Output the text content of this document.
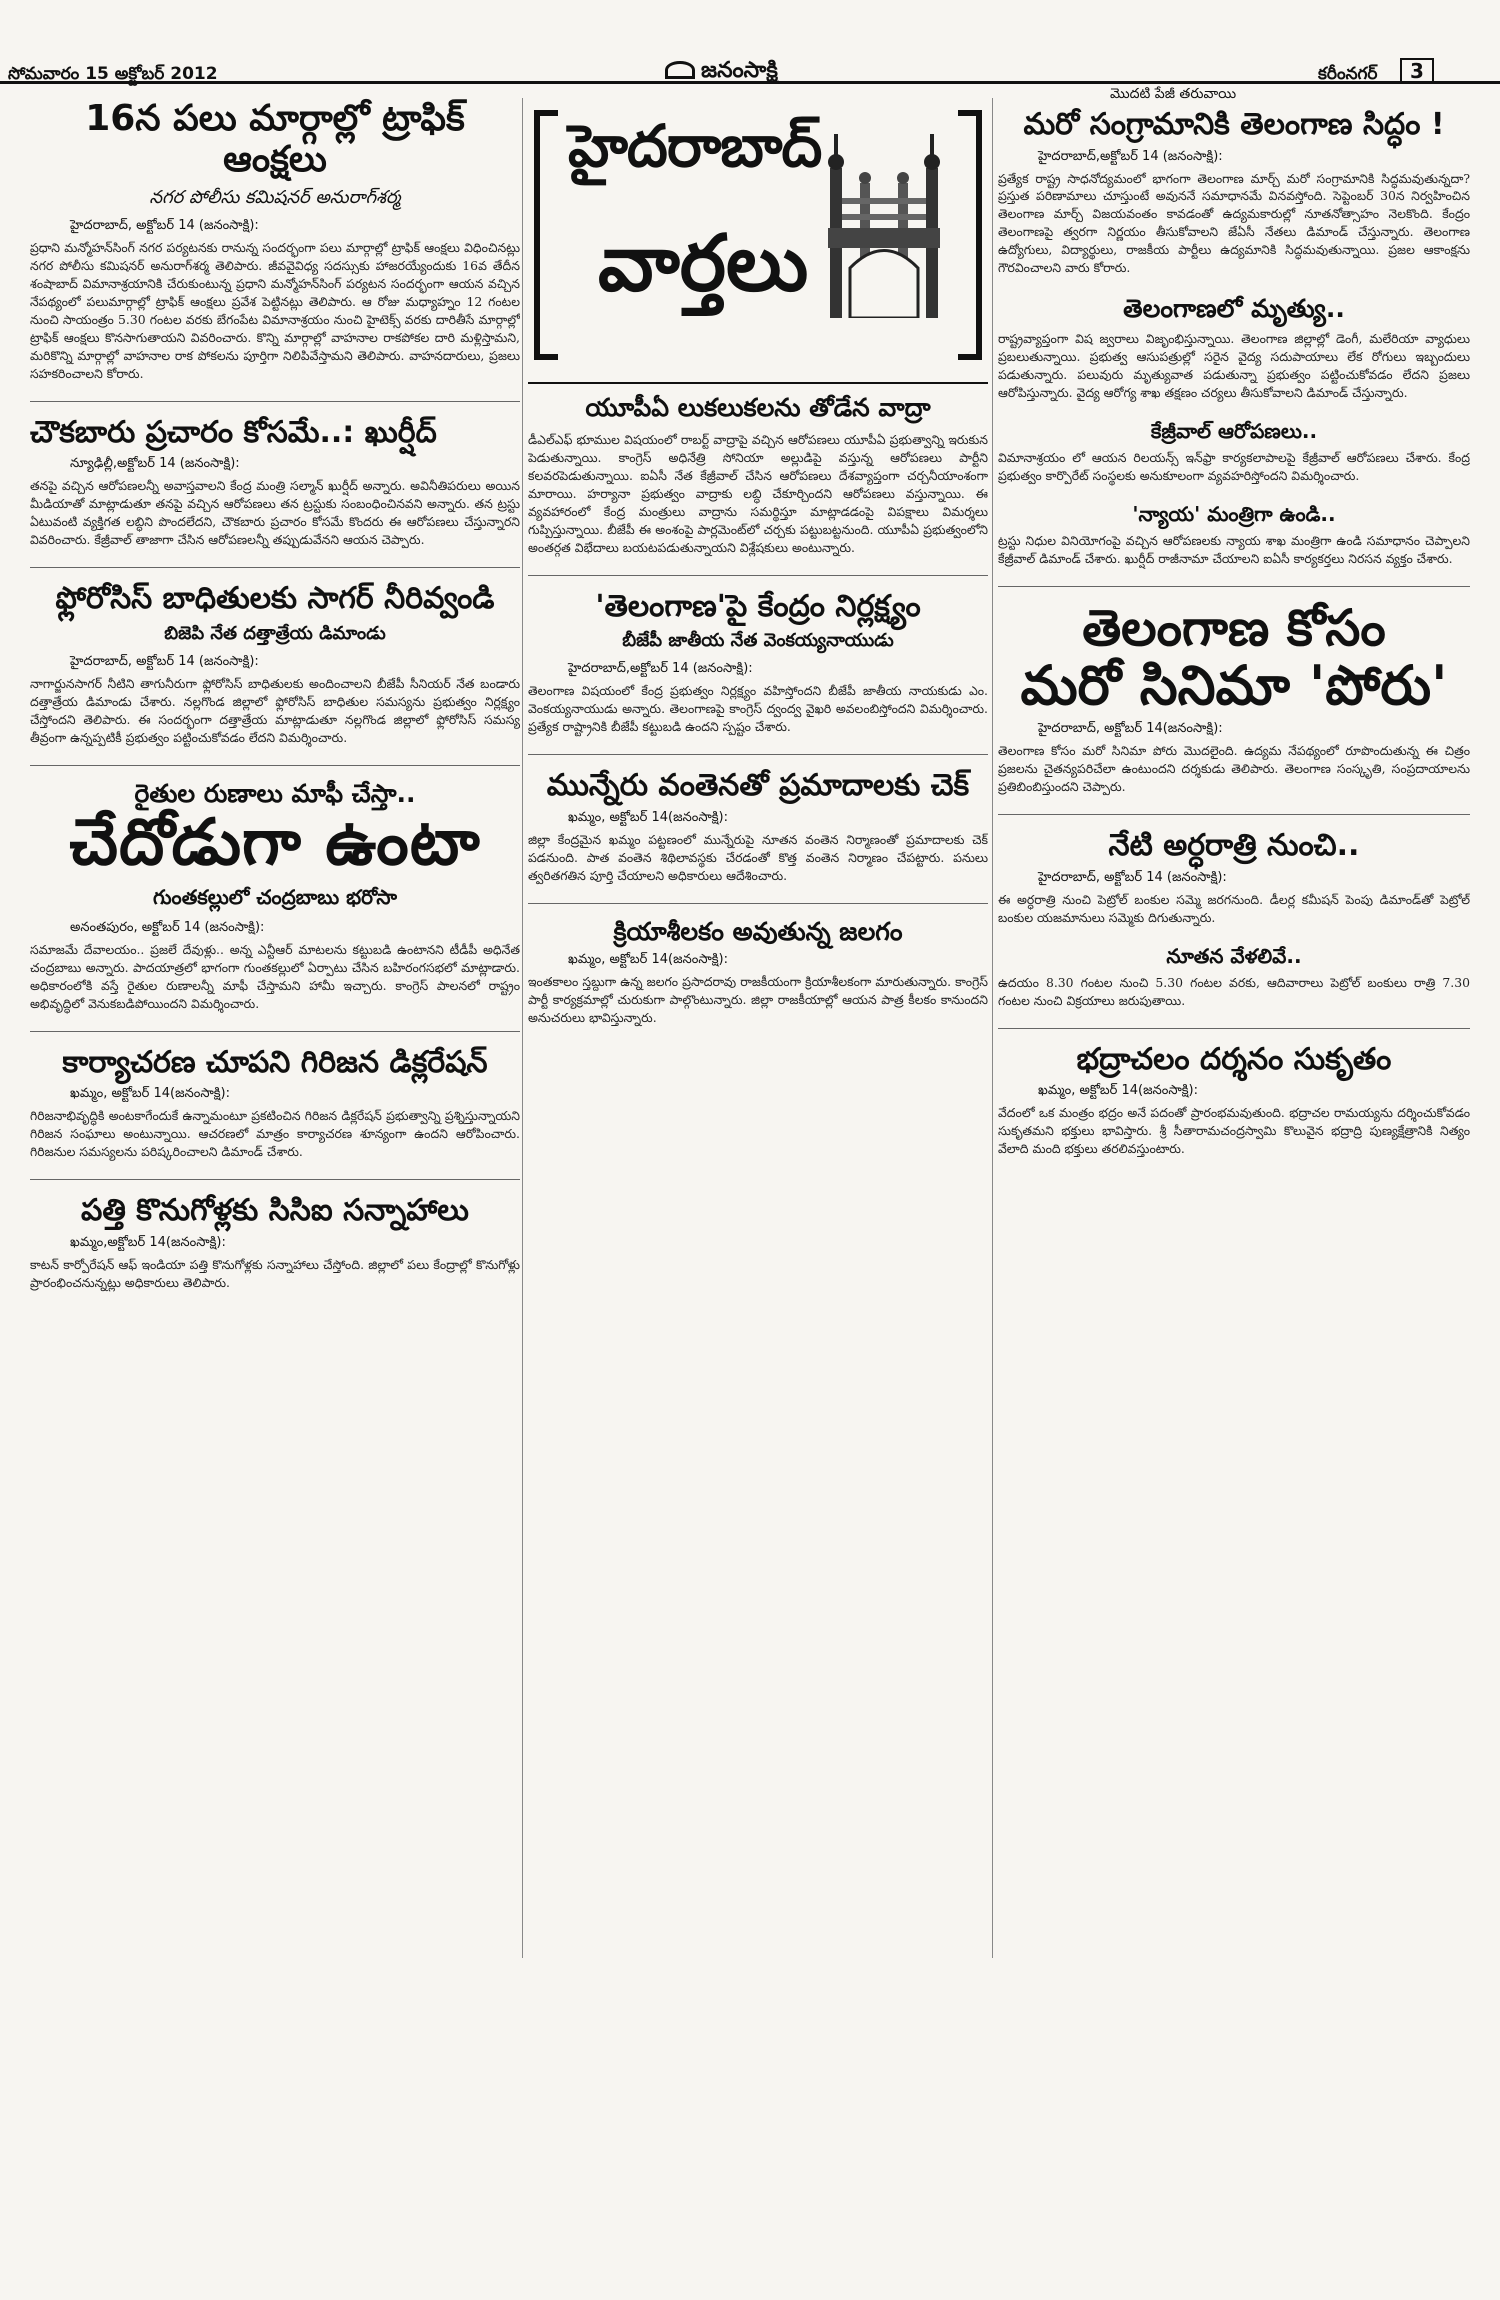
సోమవారం 15 అక్టోబర్ 2012	జనంసాక్షి	కరీంనగర్	3
మొదటి పేజీ తరువాయి
16న పలు మార్గాల్లో ట్రాఫిక్ ఆంక్షలు
నగర పోలీసు కమిషనర్ అనురాగ్‌శర్మ
హైదరాబాద్, అక్టోబర్ 14 (జనంసాక్షి):
ప్రధాని మన్మోహన్‌సింగ్ నగర పర్యటనకు రానున్న సందర్భంగా పలు మార్గాల్లో ట్రాఫిక్ ఆంక్షలు విధించినట్లు నగర పోలీసు కమిషనర్ అనురాగ్‌శర్మ తెలిపారు. జీవవైవిధ్య సదస్సుకు హాజరయ్యేందుకు 16వ తేదీన శంషాబాద్ విమానాశ్రయానికి చేరుకుంటున్న ప్రధాని మన్మోహన్‌సింగ్ పర్యటన సందర్భంగా ఆయన వచ్చిన నేపథ్యంలో పలుమార్గాల్లో ట్రాఫిక్ ఆంక్షలు ప్రవేశ పెట్టినట్లు తెలిపారు. ఆ రోజు మధ్యాహ్నం 12 గంటల నుంచి సాయంత్రం 5.30 గంటల వరకు బేగంపేట విమానాశ్రయం నుంచి హైటెక్స్ వరకు దారితీసే మార్గాల్లో ట్రాఫిక్ ఆంక్షలు కొనసాగుతాయని వివరించారు. కొన్ని మార్గాల్లో వాహనాల రాకపోకల దారి మళ్లిస్తామని, మరికొన్ని మార్గాల్లో వాహనాల రాక పోకలను పూర్తిగా నిలిపివేస్తామని తెలిపారు. వాహనదారులు, ప్రజలు సహకరించాలని కోరారు.
చౌకబారు ప్రచారం కోసమే..: ఖుర్షీద్
న్యూఢిల్లీ,అక్టోబర్ 14 (జనంసాక్షి):
తనపై వచ్చిన ఆరోపణలన్నీ అవాస్తవాలని కేంద్ర మంత్రి సల్మాన్ ఖుర్షీద్ అన్నారు. అవినీతిపరులు అయిన మీడియాతో మాట్లాడుతూ తనపై వచ్చిన ఆరోపణలు తన ట్రస్టుకు సంబంధించినవని అన్నారు. తన ట్రస్టు ఏటువంటి వ్యక్తిగత లబ్ధిని పొందలేదని, చౌకబారు ప్రచారం కోసమే కొందరు ఈ ఆరోపణలు చేస్తున్నారని వివరించారు. కేజ్రీవాల్ తాజాగా చేసిన ఆరోపణలన్నీ తప్పుడువేనని ఆయన చెప్పారు.
ఫ్లోరోసిస్ బాధితులకు సాగర్ నీరివ్వండి
బిజెపి నేత దత్తాత్రేయ డిమాండు
హైదరాబాద్, అక్టోబర్ 14 (జనంసాక్షి):
నాగార్జునసాగర్ నీటిని తాగునీరుగా ఫ్లోరోసిస్ బాధితులకు అందించాలని బీజేపీ సీనియర్ నేత బండారు దత్తాత్రేయ డిమాండు చేశారు. నల్లగొండ జిల్లాలో ఫ్లోరోసిస్ బాధితుల సమస్యను ప్రభుత్వం నిర్లక్ష్యం చేస్తోందని తెలిపారు. ఈ సందర్భంగా దత్తాత్రేయ మాట్లాడుతూ నల్లగొండ జిల్లాలో ఫ్లోరోసిస్ సమస్య తీవ్రంగా ఉన్నప్పటికీ ప్రభుత్వం పట్టించుకోవడం లేదని విమర్శించారు.
రైతుల రుణాలు మాఫీ చేస్తా..
చేదోడుగా ఉంటా
గుంతకల్లులో చంద్రబాబు భరోసా
అనంతపురం, అక్టోబర్ 14 (జనంసాక్షి):
సమాజమే దేవాలయం.. ప్రజలే దేవుళ్లు.. అన్న ఎన్టీఆర్ మాటలను కట్టుబడి ఉంటానని టీడీపీ అధినేత చంద్రబాబు అన్నారు. పాదయాత్రలో భాగంగా గుంతకల్లులో ఏర్పాటు చేసిన బహిరంగసభలో మాట్లాడారు. అధికారంలోకి వస్తే రైతుల రుణాలన్నీ మాఫీ చేస్తామని హామీ ఇచ్చారు. కాంగ్రెస్ పాలనలో రాష్ట్రం అభివృద్ధిలో వెనుకబడిపోయిందని విమర్శించారు.
కార్యాచరణ చూపని గిరిజన డిక్లరేషన్
ఖమ్మం, అక్టోబర్ 14(జనంసాక్షి):
గిరిజనాభివృద్ధికి అంటకాగేందుకే ఉన్నామంటూ ప్రకటించిన గిరిజన డిక్లరేషన్ ప్రభుత్వాన్ని ప్రశ్నిస్తున్నాయని గిరిజన సంఘాలు అంటున్నాయి. ఆచరణలో మాత్రం కార్యాచరణ శూన్యంగా ఉందని ఆరోపించారు. గిరిజనుల సమస్యలను పరిష్కరించాలని డిమాండ్ చేశారు.
పత్తి కొనుగోళ్లకు సిసిఐ సన్నాహాలు
ఖమ్మం,అక్టోబర్ 14(జనంసాక్షి):
కాటన్ కార్పోరేషన్ ఆఫ్ ఇండియా పత్తి కొనుగోళ్లకు సన్నాహాలు చేస్తోంది. జిల్లాలో పలు కేంద్రాల్లో కొనుగోళ్లు ప్రారంభించనున్నట్లు అధికారులు తెలిపారు.
హైదరాబాద్
వార్తలు
యూపీఏ లుకలుకలను తోడేన వాద్రా
డీఎల్ఎఫ్ భూముల విషయంలో రాబర్ట్ వాద్రాపై వచ్చిన ఆరోపణలు యూపీఏ ప్రభుత్వాన్ని ఇరుకున పెడుతున్నాయి. కాంగ్రెస్ అధినేత్రి సోనియా అల్లుడిపై వస్తున్న ఆరోపణలు పార్టీని కలవరపెడుతున్నాయి. ఐఏసీ నేత కేజ్రీవాల్ చేసిన ఆరోపణలు దేశవ్యాప్తంగా చర్చనీయాంశంగా మారాయి. హర్యానా ప్రభుత్వం వాద్రాకు లబ్ధి చేకూర్చిందని ఆరోపణలు వస్తున్నాయి. ఈ వ్యవహారంలో కేంద్ర మంత్రులు వాద్రాను సమర్థిస్తూ మాట్లాడడంపై విపక్షాలు విమర్శలు గుప్పిస్తున్నాయి. బీజేపీ ఈ అంశంపై పార్లమెంట్‌లో చర్చకు పట్టుబట్టనుంది. యూపీఏ ప్రభుత్వంలోని అంతర్గత విభేదాలు బయటపడుతున్నాయని విశ్లేషకులు అంటున్నారు.
'తెలంగాణ'పై కేంద్రం నిర్లక్ష్యం
బీజేపీ జాతీయ నేత వెంకయ్యనాయుడు
హైదరాబాద్,అక్టోబర్ 14 (జనంసాక్షి):
తెలంగాణ విషయంలో కేంద్ర ప్రభుత్వం నిర్లక్ష్యం వహిస్తోందని బీజేపీ జాతీయ నాయకుడు ఎం. వెంకయ్యనాయుడు అన్నారు. తెలంగాణపై కాంగ్రెస్ ద్వంద్వ వైఖరి అవలంబిస్తోందని విమర్శించారు. ప్రత్యేక రాష్ట్రానికి బీజేపీ కట్టుబడి ఉందని స్పష్టం చేశారు.
మున్నేరు వంతెనతో ప్రమాదాలకు చెక్
ఖమ్మం, అక్టోబర్ 14(జనంసాక్షి):
జిల్లా కేంద్రమైన ఖమ్మం పట్టణంలో మున్నేరుపై నూతన వంతెన నిర్మాణంతో ప్రమాదాలకు చెక్ పడనుంది. పాత వంతెన శిథిలావస్థకు చేరడంతో కొత్త వంతెన నిర్మాణం చేపట్టారు. పనులు త్వరితగతిన పూర్తి చేయాలని అధికారులు ఆదేశించారు.
క్రియాశీలకం అవుతున్న జలగం
ఖమ్మం, అక్టోబర్ 14(జనంసాక్షి):
ఇంతకాలం స్తబ్దుగా ఉన్న జలగం ప్రసాదరావు రాజకీయంగా క్రియాశీలకంగా మారుతున్నారు. కాంగ్రెస్ పార్టీ కార్యక్రమాల్లో చురుకుగా పాల్గొంటున్నారు. జిల్లా రాజకీయాల్లో ఆయన పాత్ర కీలకం కానుందని అనుచరులు భావిస్తున్నారు.
మరో సంగ్రామానికి తెలంగాణ సిద్ధం !
హైదరాబాద్,అక్టోబర్ 14 (జనంసాక్షి):
ప్రత్యేక రాష్ట్ర సాధనోద్యమంలో భాగంగా తెలంగాణ మార్చ్ మరో సంగ్రామానికి సిద్ధమవుతున్నదా? ప్రస్తుత పరిణామాలు చూస్తుంటే అవుననే సమాధానమే వినవస్తోంది. సెప్టెంబర్ 30న నిర్వహించిన తెలంగాణ మార్చ్ విజయవంతం కావడంతో ఉద్యమకారుల్లో నూతనోత్సాహం నెలకొంది. కేంద్రం తెలంగాణపై త్వరగా నిర్ణయం తీసుకోవాలని జేఏసీ నేతలు డిమాండ్ చేస్తున్నారు. తెలంగాణ ఉద్యోగులు, విద్యార్థులు, రాజకీయ పార్టీలు ఉద్యమానికి సిద్ధమవుతున్నాయి. ప్రజల ఆకాంక్షను గౌరవించాలని వారు కోరారు.
తెలంగాణలో మృత్యు..
రాష్ట్రవ్యాప్తంగా విష జ్వరాలు విజృంభిస్తున్నాయి. తెలంగాణ జిల్లాల్లో డెంగీ, మలేరియా వ్యాధులు ప్రబలుతున్నాయి. ప్రభుత్వ ఆసుపత్రుల్లో సరైన వైద్య సదుపాయాలు లేక రోగులు ఇబ్బందులు పడుతున్నారు. పలువురు మృత్యువాత పడుతున్నా ప్రభుత్వం పట్టించుకోవడం లేదని ప్రజలు ఆరోపిస్తున్నారు. వైద్య ఆరోగ్య శాఖ తక్షణం చర్యలు తీసుకోవాలని డిమాండ్ చేస్తున్నారు.
కేజ్రీవాల్ ఆరోపణలు..
విమానాశ్రయం లో ఆయన రిలయన్స్ ఇన్‌ఫ్రా కార్యకలాపాలపై కేజ్రీవాల్ ఆరోపణలు చేశారు. కేంద్ర ప్రభుత్వం కార్పొరేట్ సంస్థలకు అనుకూలంగా వ్యవహరిస్తోందని విమర్శించారు.
'న్యాయ' మంత్రిగా ఉండి..
ట్రస్టు నిధుల వినియోగంపై వచ్చిన ఆరోపణలకు న్యాయ శాఖ మంత్రిగా ఉండి సమాధానం చెప్పాలని కేజ్రీవాల్ డిమాండ్ చేశారు. ఖుర్షీద్ రాజీనామా చేయాలని ఐఏసీ కార్యకర్తలు నిరసన వ్యక్తం చేశారు.
తెలంగాణ కోసం
మరో సినిమా 'పోరు'
హైదరాబాద్, అక్టోబర్ 14(జనంసాక్షి):
తెలంగాణ కోసం మరో సినిమా పోరు మొదలైంది. ఉద్యమ నేపథ్యంలో రూపొందుతున్న ఈ చిత్రం ప్రజలను చైతన్యపరిచేలా ఉంటుందని దర్శకుడు తెలిపారు. తెలంగాణ సంస్కృతి, సంప్రదాయాలను ప్రతిబింబిస్తుందని చెప్పారు.
నేటి అర్ధరాత్రి నుంచి..
హైదరాబాద్, అక్టోబర్ 14 (జనంసాక్షి):
ఈ అర్ధరాత్రి నుంచి పెట్రోల్ బంకుల సమ్మె జరగనుంది. డీలర్ల కమీషన్ పెంపు డిమాండ్‌తో పెట్రోల్ బంకుల యజమానులు సమ్మెకు దిగుతున్నారు.
నూతన వేళలివే..
ఉదయం 8.30 గంటల నుంచి 5.30 గంటల వరకు, ఆదివారాలు పెట్రోల్ బంకులు రాత్రి 7.30 గంటల నుంచి విక్రయాలు జరుపుతాయి.
భద్రాచలం దర్శనం సుకృతం
ఖమ్మం, అక్టోబర్ 14(జనంసాక్షి):
వేదంలో ఒక మంత్రం భద్రం అనే పదంతో ప్రారంభమవుతుంది. భద్రాచల రామయ్యను దర్శించుకోవడం సుకృతమని భక్తులు భావిస్తారు. శ్రీ సీతారామచంద్రస్వామి కొలువైన భద్రాద్రి పుణ్యక్షేత్రానికి నిత్యం వేలాది మంది భక్తులు తరలివస్తుంటారు.
